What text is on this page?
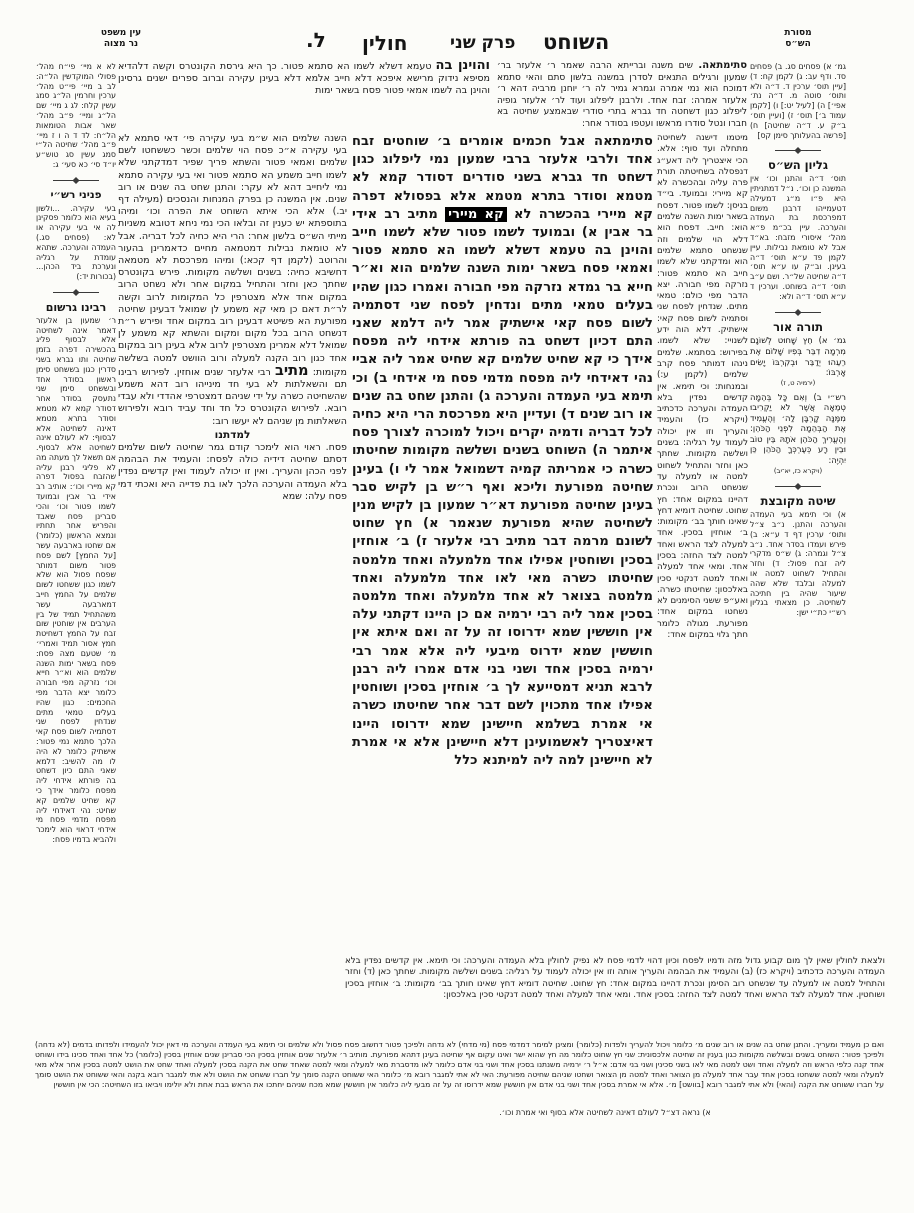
מסורת
הש״ס
השוחט
פרק שני
חולין
ל.
עין משפט
נר מצוה
גמ׳ א) פסחים סג. ב) פסחים סד. ודף עב: ג) לקמן קח: ד) [עיין תוס׳ ערכין ד. ד״ה ולא ותוס׳ סוטה מ. ד״ה נת׳ אפי׳] ה) [לעיל יט:] ו) [לקמן עמוד ב׳] תוס׳ ז) [ועיין תוס׳ ב״ק ע. ד״ה שחיטה] ח) [פרשה בהעלותך סימן קס]
גליון הש״ס
תוס׳ ד״ה והתנן וכו׳ אין המשנה כן וכו׳. נ״ל דמתניתין היא פ״ו מ״ג דמעילה דטעמייהו דרבנן משום דמפרכסת בת העמדה והערכה. עיין בכ״מ פ״א מהל׳ איסורי מזבח: בא״ד אבל לא טומאת נבילות. עיין לקמן פד ע״א תוס׳ ד״ה בעינן. וב״ק עו ע״א תוס׳ ד״ה שחיטה של״ר. ושם ע״ב תוס׳ ד״ה בשוחט. וערכין ד ע״א תוס׳ ד״ה ולא:
תורה אור
גמ׳ א) חֵץ שָׁחוּט לְשׁוֹנָם מִרְמָה דִבֵּר בְּפִיו שָׁלוֹם אֶת רֵעֵהוּ יְדַבֵּר וּבְקִרְבּוֹ יָשִׂים אָרְבּוֹ:
(ירמיה ט, ז)
רש״י ב) וְאִם כָּל בְּהֵמָה טְמֵאָה אֲשֶׁר לֹא יַקְרִיבוּ מִמֶּנָּה קָרְבָּן לַה׳ וְהֶעֱמִיד אֶת הַבְּהֵמָה לִפְנֵי הַכֹּהֵן: וְהֶעֱרִיךְ הַכֹּהֵן אֹתָהּ בֵּין טוֹב וּבֵין רָע כְּעֶרְכְּךָ הַכֹּהֵן כֵּן יִהְיֶה:
(ויקרא כז, יא־יב)
שיטה מקובצת
א) וכי תימא בעי העמדה והערכה והתנן. נ״ב צ״ל ותוס׳ ערכין דף ד ע״א: ב) פירש ועמדו בסדר אחד. נ״ב צ״ל וגמרה: ג) ש״ס מדקרי ליה זבח פסול: ד) וחזר והתחיל לשחוט למטה או למעלה ובלבד שלא שהה שיעור שהיה בין חתיכה לשחיטה. כן מצאתי בגליון רש״י כת״י ישן:
לא א מיי׳ פי״ח מהל׳ פסולי המוקדשין הל״ה: לב ב מיי׳ פי״ט מהל׳ ערכין וחרמין הל״ג סמג עשין קלח: לג ג מיי׳ שם הל״ג ומיי׳ פ״ב מהל׳ שאר אבות הטומאות הל״ח: לד ד ה ו ז מיי׳ פ״ב מהל׳ שחיטה הל״י סמג עשין סג טוש״ע יו״ד סי׳ כא סעי׳ ג:
פניני רש״י
בעי עקירה. ...ולשון בעיא הוא כלומר פסקינן לה אי בעי עקירה או לא: (פסחים סג.) העמדה והערכה. שתהא עומדת על רגליה ונערכת ביד הכהן... (בכורות יד:)
רבינו גרשום
ר׳ שמעון בן אלעזר דאמר אינה לשחיטה אלא לבסוף פליג בהכשירה דפרה בזמן שחיטה ותו גברא בשני סדרין כגון בששחט סימן ראשון בסודר אחד ובששחט סימן שני נתעסק בסודר אחר דסודר קמא לא מטמא וסודר בתרא מטמא דאינה לשחיטה אלא לבסוף: לא לעולם אינה לשחיטה אלא לבסוף. אם תשאל לך מעתה מה לא פליגי רבנן עליה שהזבח בפסול דפרה קא מיירי וכו׳: אותיב רב אידי בר אבין ובמועד לשמו פטור וכו׳ והכי סברינן פסח שאבד והפריש אחר תחתיו ונמצא הראשון (כלומר) אם שחטו בארבעה עשר [על החמץ] לשם פסח פטור משום דמותר שפסח פסול הוא שלא לשמו כגון ששחטו לשום שלמים על החמץ חייב דמארבעה עשר משהתחיל תמיד של בין הערבים אין שוחטין שום זבח על החמץ דשחיטת חמץ אסור תמיד ואמרי׳ מ׳ שטעם מצה פסח: פסח בשאר ימות השנה שלמים הוא וא״ר חייא וכו׳ נזרקה מפי חבורה כלומר יצא הדבר מפי החכמים: כגון שהיו בעלים טמאי מתים שנדחין לפסח שני דסתמיה לשום פסח קאי הלכך סתמא נמי פטור: אישתיק כלומר לא היה לו מה להשיב: דלמא שאני התם כיון דשחט בה פורתא אידחי ליה מפסח כלומר אידך כי קא שחיט שלמים קא שחיט: נהי דאידחי ליה מפסח מדמי פסח מי אידחי דראוי הוא לימכר ולהביא בדמיו פסח:
והוינן בה טעמא דשלא לשמו הא סתמא פטור. כך היא גירסת הקונטרס וקשה דלהדיא מסיפא נידוק מרישא איפכא דלא חייב אלמא דלא בעינן עקירה וברוב ספרים ישנים גרסינן והוינן בה לשמו אמאי פטור פסח בשאר ימות
סתימתאה. שים משנה וברייתא הרבה שאמר ר׳ אלעזר בר׳ שמעון ורגילים התנאים לסדרן במשנה בלשון סתם והאי סתמא דמוכח הוא נמי אמרה וגמרא גמיר לה ר׳ יוחנן מרביה דהא ר׳ אלעזר אמרה: זבח אחד. ולרבנן ליפלוג ועוד לר׳ אלעזר גופיה ליפלוג כגון דשחטה חד גברא בתרי סודרי שבאמצע שחיטה בא חברו ונטל סודרו מראשו ועטפו בסודר אחר:
השנה שלמים הוא ש״מ בעי עקירה פי׳ דאי סתמא לא בעי עקירה א״כ פסח הוי שלמים וכשר כששחטו לשם שלמים ואמאי פטור והשתא פריך שפיר דמדקתני שלא לשמו חייב משמע הא סתמא פטור ואי בעי עקירה סתמא נמי ליחייב דהא לא עקר: והתנן שחט בה שנים או רוב שנים. אין המשנה כן בפרק המנחות והנסכים (מעילה דף יב.) אלא הכי איתא השוחט את הפרה וכו׳ ומיהו בתוספתא יש כענין זה ובלאו הכי נמי ניחא דטובא משניות מייתי הש״ס בלשון אחר: הרי היא כחיה לכל דבריה. אבל לא טומאת נבילות דמטמאה מחיים כדאמרינן בהעור והרוטב (לקמן דף קכא:) ומיהו מפרכסת לא מטמאה דחשיבא כחיה: בשנים ושלשה מקומות. פירש בקונטרס שחתך כאן וחזר והתחיל במקום אחר ולא נשחט הרוב במקום אחד אלא מצטרפין כל המקומות לרוב וקשה לר״ת דאם כן מאי קא משמע לן שמואל דבעינן שחיטה מפורעת הא פשיטא דבעינן רוב במקום אחד ופירש ר״ת דנשחט הרוב בכל מקום ומקום והשתא קא משמע לן שמואל דלא אמרינן מצטרפין לרוב אלא בעינן רוב במקום אחד כגון רוב הקנה למעלה ורוב הוושט למטה בשלשה מקומות: מתיב רבי אלעזר שנים אוחזין. לפירוש רבינו תם והשאלתות לא בעי חד מינייהו רוב דהא משמע שהשחיטה כשרה על ידי שניהם דמצטרפי אהדדי ולא עבדי רובא. לפירוש הקונטרס כל חד וחד עביד רובא ולפירוש השאלתות מן שניהם לא יעשו רוב:
למדתנו
פסח. ראוי הוא לימכר קודם גמר שחיטה לשום שלמים דסתם שחיטה דידיה כולה לפסח: והעמיד את הבהמה לפני הכהן והעריך. ואין זו יכולה לעמוד ואין קדשים נפדין בלא העמדה והערכה הלכך לאו בת פדייה היא ואכתי דמי פסח עלה: שמא
סתימתאה אבל חכמים אומרים ב׳ שוחטים זבח אחד ולרבי אלעזר ברבי שמעון נמי ליפלוג כגון דשחט חד גברא בשני סודרים דסודר קמא לא מטמא וסודר בתרא מטמא אלא בפסולא דפרה קא מיירי בהכשרה לא קא מיירי מתיב רב אידי בר אבין א) ובמועד לשמו פטור שלא לשמו חייב והוינן בה טעמא דשלא לשמו הא סתמא פטור ואמאי פסח בשאר ימות השנה שלמים הוא וא״ר חייא בר גמדא נזרקה מפי חבורה ואמרו כגון שהיו בעלים טמאי מתים ונדחין לפסח שני דסתמיה לשום פסח קאי אישתיק אמר ליה דלמא שאני התם דכיון דשחט בה פורתא אידחי ליה מפסח אידך כי קא שחיט שלמים קא שחיט אמר ליה אביי נהי דאידחי ליה מפסח מדמי פסח מי אידחי ב) וכי תימא בעי העמדה והערכה ג) והתנן שחט בה שנים או רוב שנים ד) ועדיין היא מפרכסת הרי היא כחיה לכל דבריה ודמיה יקרים ויכול למוכרה לצורך פסח איתמר ה) השוחט בשנים ושלשה מקומות שחיטתו כשרה כי אמריתה קמיה דשמואל אמר לי ו) בעינן שחיטה מפורעת וליכא ואף ר״ש בן לקיש סבר בעינן שחיטה מפורעת דא״ר שמעון בן לקיש מנין לשחיטה שהיא מפורעת שנאמר א) חץ שחוט לשונם מרמה דבר מתיב רבי אלעזר ז) ב׳ אוחזין בסכין ושוחטין אפילו אחד מלמעלה ואחד מלמטה שחיטתו כשרה מאי לאו אחד מלמעלה ואחד מלמטה בצואר לא אחד מלמעלה ואחד מלמטה בסכין אמר ליה רבי ירמיה אם כן היינו דקתני עלה אין חוששין שמא ידרוסו זה על זה ואם איתא אין חוששין שמא ידרוס מיבעי ליה אלא אמר רבי ירמיה בסכין אחד ושני בני אדם אמרו ליה רבנן לרבא תניא דמסייעא לך ב׳ אוחזין בסכין ושוחטין אפילו אחד מתכוין לשם דבר אחר שחיטתו כשרה אי אמרת בשלמא חיישינן שמא ידרוסו היינו דאיצטריך לאשמועינן דלא חיישינן אלא אי אמרת לא חיישינן למה ליה למיתנא כלל
מיטמו דישנה לשחיטה מתחלה ועד סוף: אלא. הכי איצטריך ליה דאע״ג דנפסלה בשחיטתה תורת פרה עליה ובהכשרה לא קא מיירי: ובמועד. בי״ד בניסן: לשמו פטור. דפסח בשאר ימות השנה שלמים הוא: חייב. דפסח הוא דלא הוי שלמים וזה שנשחט סתמא שלמים הוא ומדקתני שלא לשמו חייב הא סתמא פטור: נזרקה מפי חבורה. יצא הדבר מפי כולם: טמאי מתים. שנדחין לפסח שני וסתמיה לשום פסח קאי: אישתיק. דלא הוה ידע לשנויי: שלא לשמו. בפירוש: בסתמא. שלמים נינהו דמותר פסח קרב שלמים (לקמן ע:) ובמנחות: וכי תימא. אין קדשים נפדין בלא העמדה והערכה כדכתיב (ויקרא כז) והעמיד והעריך וזו אין יכולה לעמוד על רגליה: בשנים ושלשה מקומות. שחתך כאן וחזר והתחיל לשחוט למטה או למעלה עד שנשחט הרוב ונכרת דהיינו במקום אחד: חץ שחוט. שחיטה דומיא דחץ שאינו חותך בב׳ מקומות: ב׳ אוחזין בסכין. אחד למעלה לצד הראש ואחד למטה לצד החזה: בסכין אחד. ומאי אחד למעלה ואחד למטה דנקטי סכין באלכסון: שחיטתו כשרה. ואע״פ ששני הסימנים לא נשחטו במקום אחד: מפורעת. מגולה כלומר חתך גלוי במקום אחד:
ולצאת לחולין שאין לך מום קבוע גדול מזה ודמיו לפסח וכיון דהוי לדמי פסח לא נפיק לחולין בלא העמדה והערכה: וכי תימא. אין קדשים נפדין בלא העמדה והערכה כדכתיב (ויקרא כז) (ב) והעמיד את הבהמה והעריך אותה וזו אין יכולה לעמוד על רגליה: בשנים ושלשה מקומות. שחתך כאן (ד) וחזר והתחיל למטה או למעלה עד שנשחט רוב הסימן ונכרת דהיינו במקום אחד: חץ שחוט. שחיטה דומיא דחץ שאינו חותך בב׳ מקומות: ב׳ אוחזין בסכין ושוחטין. אחד למעלה לצד הראש ואחד למטה לצד החזה: בסכין אחד. ומאי אחד למעלה ואחד למטה דנקטי סכין באלכסון:
ואם כן מעמיד ומעריך. והתנן שחט בה שנים או רוב שנים מ׳ כלומר ויכול להעריך ולפדות (כלומר) ומצינן למימר דמדמי פסח (מי מדחי) לא נדחה ולפיכך פטור דחשוב פסח פסול ולא שלמים וכי תימא בעי העמדה והערכה מי דאין יכול להעמידו ולפדותו בדמים (לא נדחה) ולפיכך פטור: השוחט בשנים ובשלשה מקומות כגון בענין זה שחיטה אלכסונית: שני חץ שחוט כלומר מה חץ שהוא ישר ואינו עקום אף שחיטה בעינן דתהא מפורעת. מותיב ר׳ אלעזר שנים אוחזין בסכין הכי סברינן שנים אוחזין בסכין (כלומר) כל אחד ואחד סכינו בידו ושוחט אחד קנה כלפי הראש וזה למעלה ואחד ושט למטה מאי לאו בשני סכינין ושני בני אדם: א״ל ר׳ ירמיה משנתנו בסכין אחד ושני בני אדם כלומר לאו מדסברת מאי למעלה ומאי למטה שאחד שחט את הקנה בסכין למעלה ואחד שחט את הושט למטה בסכין אחר אלא מאי למעלה ומאי למטה ששחטו בסכין אחד עבר אחד למעלה מן הצואר ואחד למטה מן הצואר ושחטו שניהם שחיטה מפורעת: האי לא אתי למגבר רובא מ׳ כלומר האי ששוחט הקנה סומך על חברו ששחט את הושט ולא אתי למגבר רובא בקנה והאי ששוחט את הושט סומך על חברו ששוחט את הקנה (והאי) ולא אתי למגבר רובא [בוושט] מ׳. אלא אי אמרת בסכין אחד ושני בני אדם אין חוששין שמא ידרוסו זה על זה מבעי ליה כלומר אין חוששין שמא מכח שניהם יחתכו את הראש בבת אחת ולא יולימו ויביאו בזו השחיטה: הכי אין חוששין
א) נראה דצ״ל לעולם דאינה לשחיטה אלא בסוף ואי אמרת וכו׳.
